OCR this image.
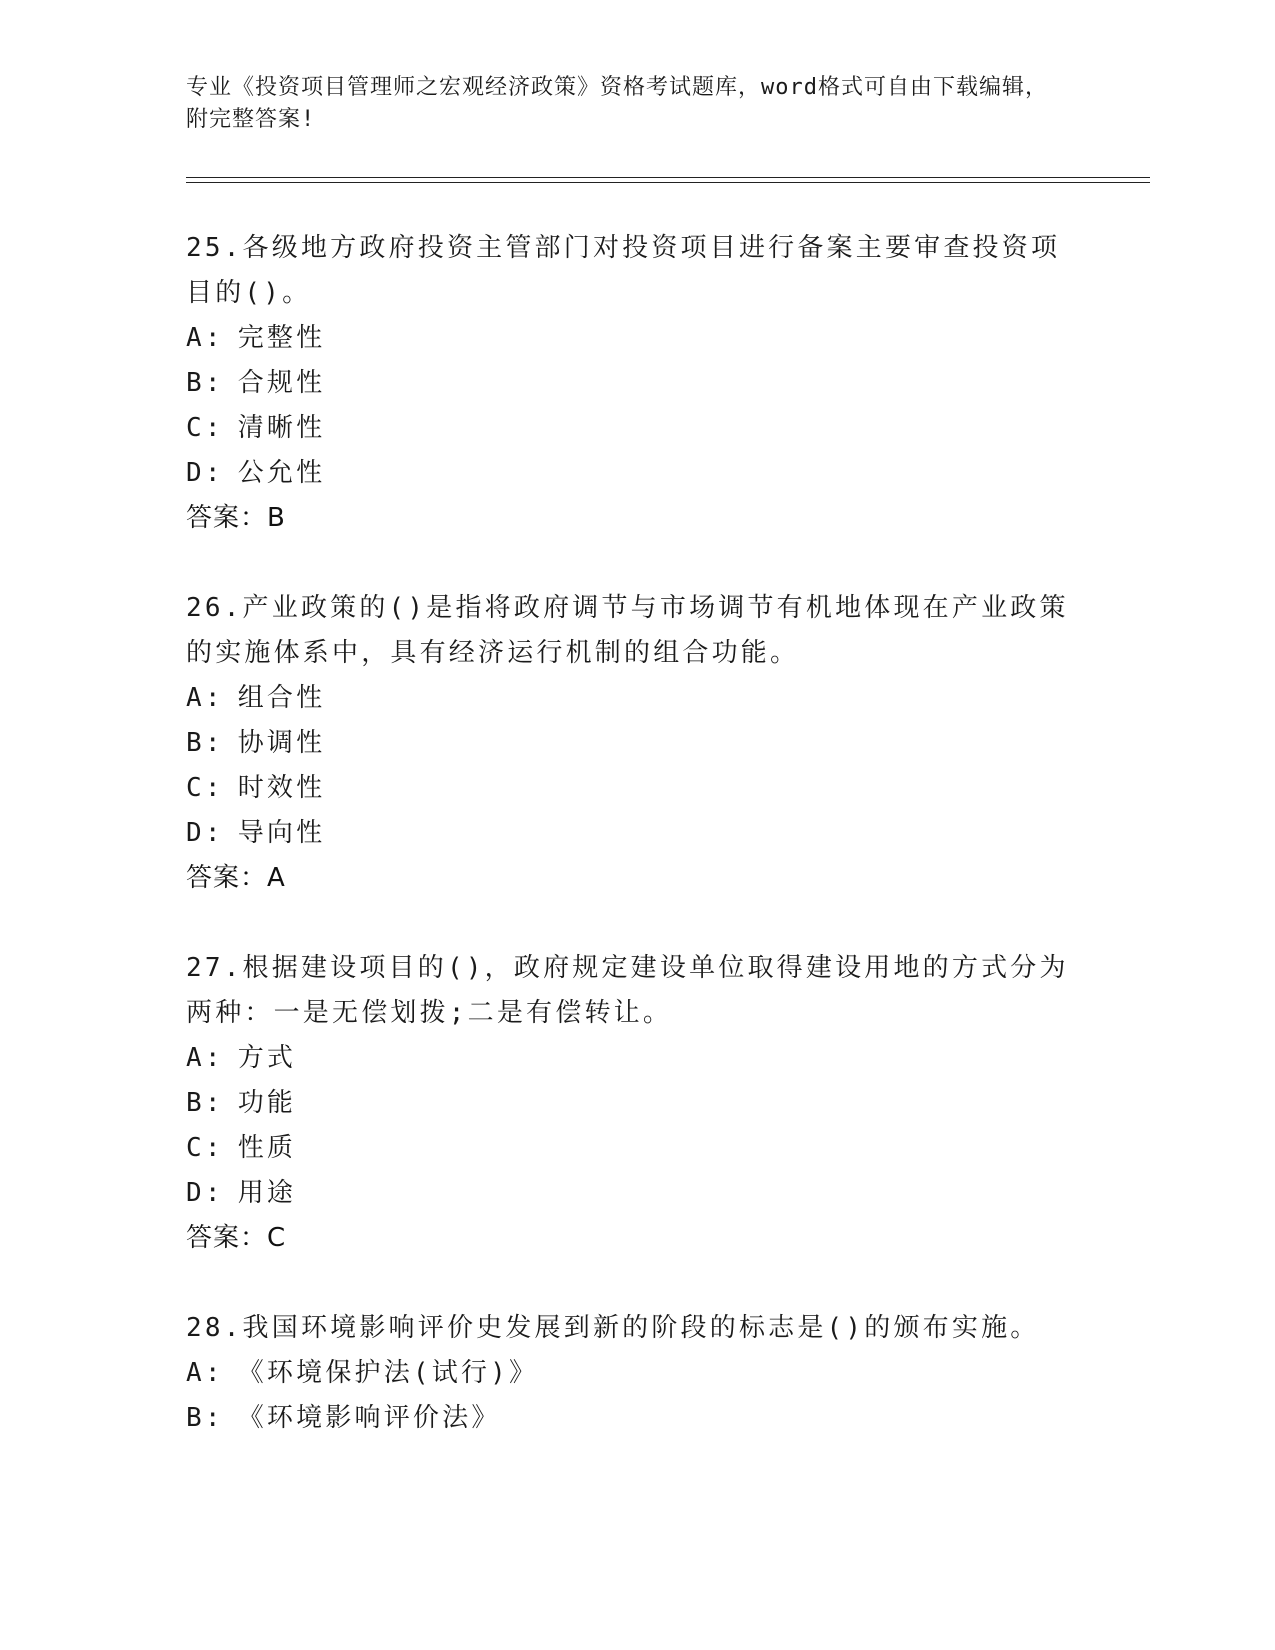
专业《投资项目管理师之宏观经济政策》资格考试题库，word格式可自由下载编辑，附完整答案!

25.各级地方政府投资主管部门对投资项目进行备案主要审查投资项目的()。

A: 完整性

B: 合规性

C: 清晰性

D: 公允性

答案：B

26.产业政策的()是指将政府调节与市场调节有机地体现在产业政策的实施体系中，具有经济运行机制的组合功能。

A: 组合性

B: 协调性

C: 时效性

D: 导向性

答案：A

27.根据建设项目的()，政府规定建设单位取得建设用地的方式分为两种：一是无偿划拨;二是有偿转让。

A: 方式

B: 功能

C: 性质

D: 用途

答案：C

28.我国环境影响评价史发展到新的阶段的标志是()的颁布实施。

A: 《环境保护法(试行)》

B: 《环境影响评价法》
